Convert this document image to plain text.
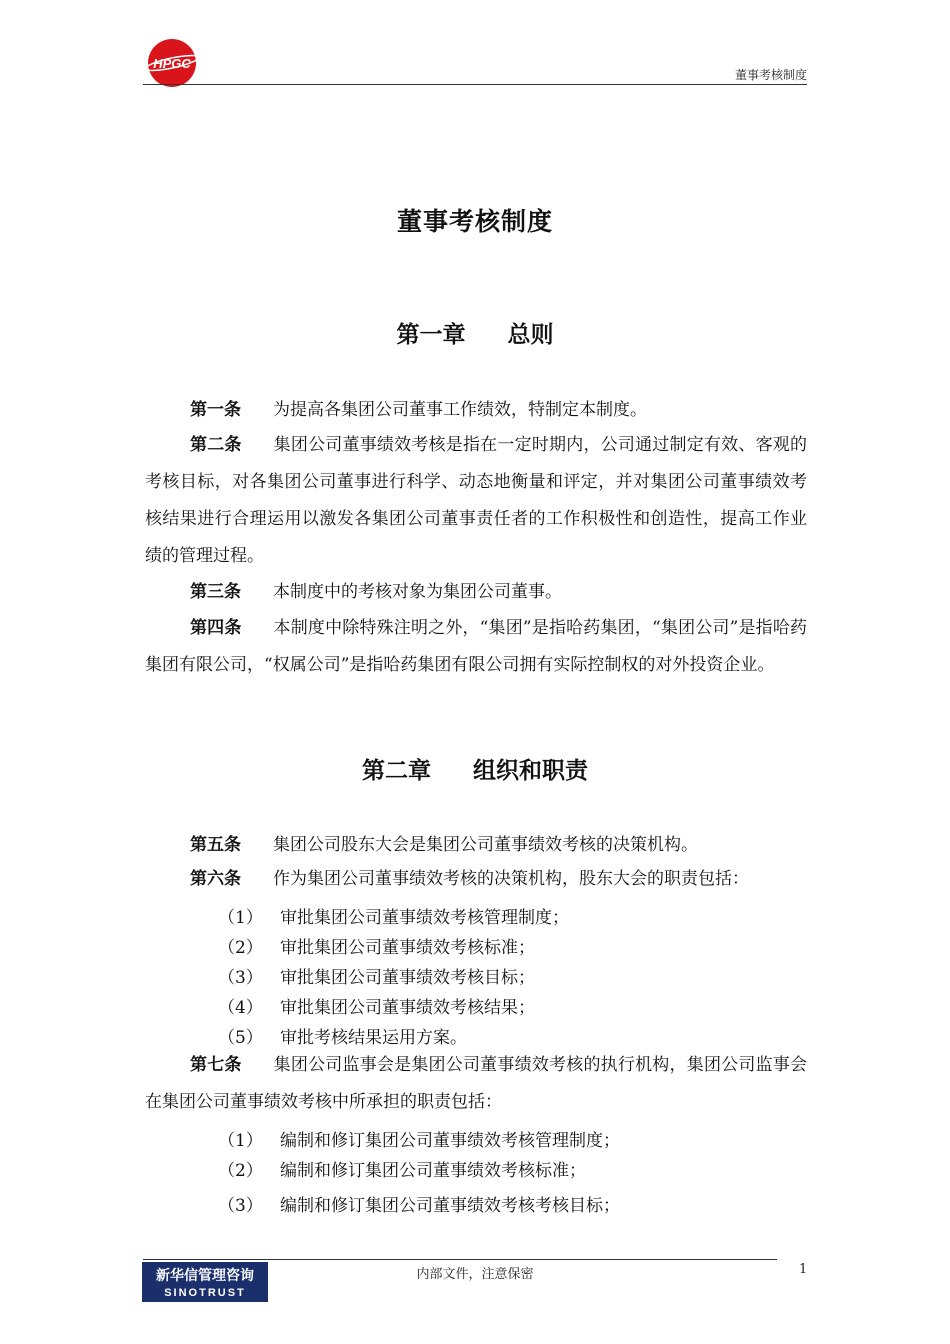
HPGC
董事考核制度
董事考核制度
第一章 总则
第一条 为提高各集团公司董事工作绩效，特制定本制度。
第二条 集团公司董事绩效考核是指在一定时期内，公司通过制定有效、客观的考核目标，对各集团公司董事进行科学、动态地衡量和评定，并对集团公司董事绩效考核结果进行合理运用以激发各集团公司董事责任者的工作积极性和创造性，提高工作业绩的管理过程。
第三条 本制度中的考核对象为集团公司董事。
第四条 本制度中除特殊注明之外，“集团”是指哈药集团，“集团公司”是指哈药集团有限公司，“权属公司”是指哈药集团有限公司拥有实际控制权的对外投资企业。
第二章 组织和职责
第五条 集团公司股东大会是集团公司董事绩效考核的决策机构。
第六条 作为集团公司董事绩效考核的决策机构，股东大会的职责包括：
（1） 审批集团公司董事绩效考核管理制度；
（2） 审批集团公司董事绩效考核标准；
（3） 审批集团公司董事绩效考核目标；
（4） 审批集团公司董事绩效考核结果；
（5） 审批考核结果运用方案。
第七条 集团公司监事会是集团公司董事绩效考核的执行机构，集团公司监事会在集团公司董事绩效考核中所承担的职责包括：
（1） 编制和修订集团公司董事绩效考核管理制度；
（2） 编制和修订集团公司董事绩效考核标准；
（3） 编制和修订集团公司董事绩效考核考核目标；
新华信管理咨询
SINOTRUST
内部文件，注意保密	1
